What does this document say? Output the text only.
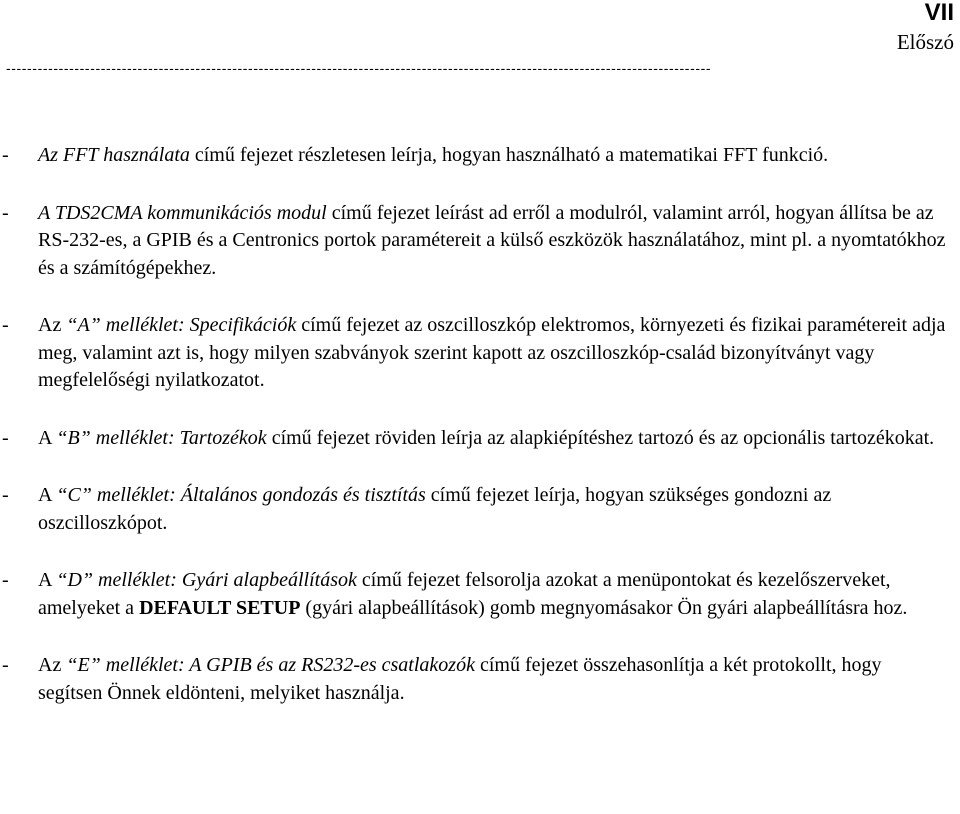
VII
Előszó
--------------------------------------------------------------------------------------------------------------------------------------
- Az FFT használata című fejezet részletesen leírja, hogyan használható a matematikai FFT funkció.
- A TDS2CMA kommunikációs modul című fejezet leírást ad erről a modulról, valamint arról, hogyan állítsa be az RS-232-es, a GPIB és a Centronics portok paramétereit a külső eszközök használatához, mint pl. a nyomtatókhoz és a számítógépekhez.
- Az “A” melléklet: Specifikációk című fejezet az oszcilloszkóp elektromos, környezeti és fizikai paramétereit adja meg, valamint azt is, hogy milyen szabványok szerint kapott az oszcilloszkóp-család bizonyítványt vagy megfelelőségi nyilatkozatot.
- A “B” melléklet: Tartozékok című fejezet röviden leírja az alapkiépítéshez tartozó és az opcionális tartozékokat.
- A “C” melléklet: Általános gondozás és tisztítás című fejezet leírja, hogyan szükséges gondozni az oszcilloszkópot.
- A “D” melléklet: Gyári alapbeállítások című fejezet felsorolja azokat a menüpontokat és kezelőszerveket, amelyeket a DEFAULT SETUP (gyári alapbeállítások) gomb megnyomásakor Ön gyári alapbeállításra hoz.
- Az “E” melléklet: A GPIB és az RS232-es csatlakozók című fejezet összehasonlítja a két protokollt, hogy segítsen Önnek eldönteni, melyiket használja.
